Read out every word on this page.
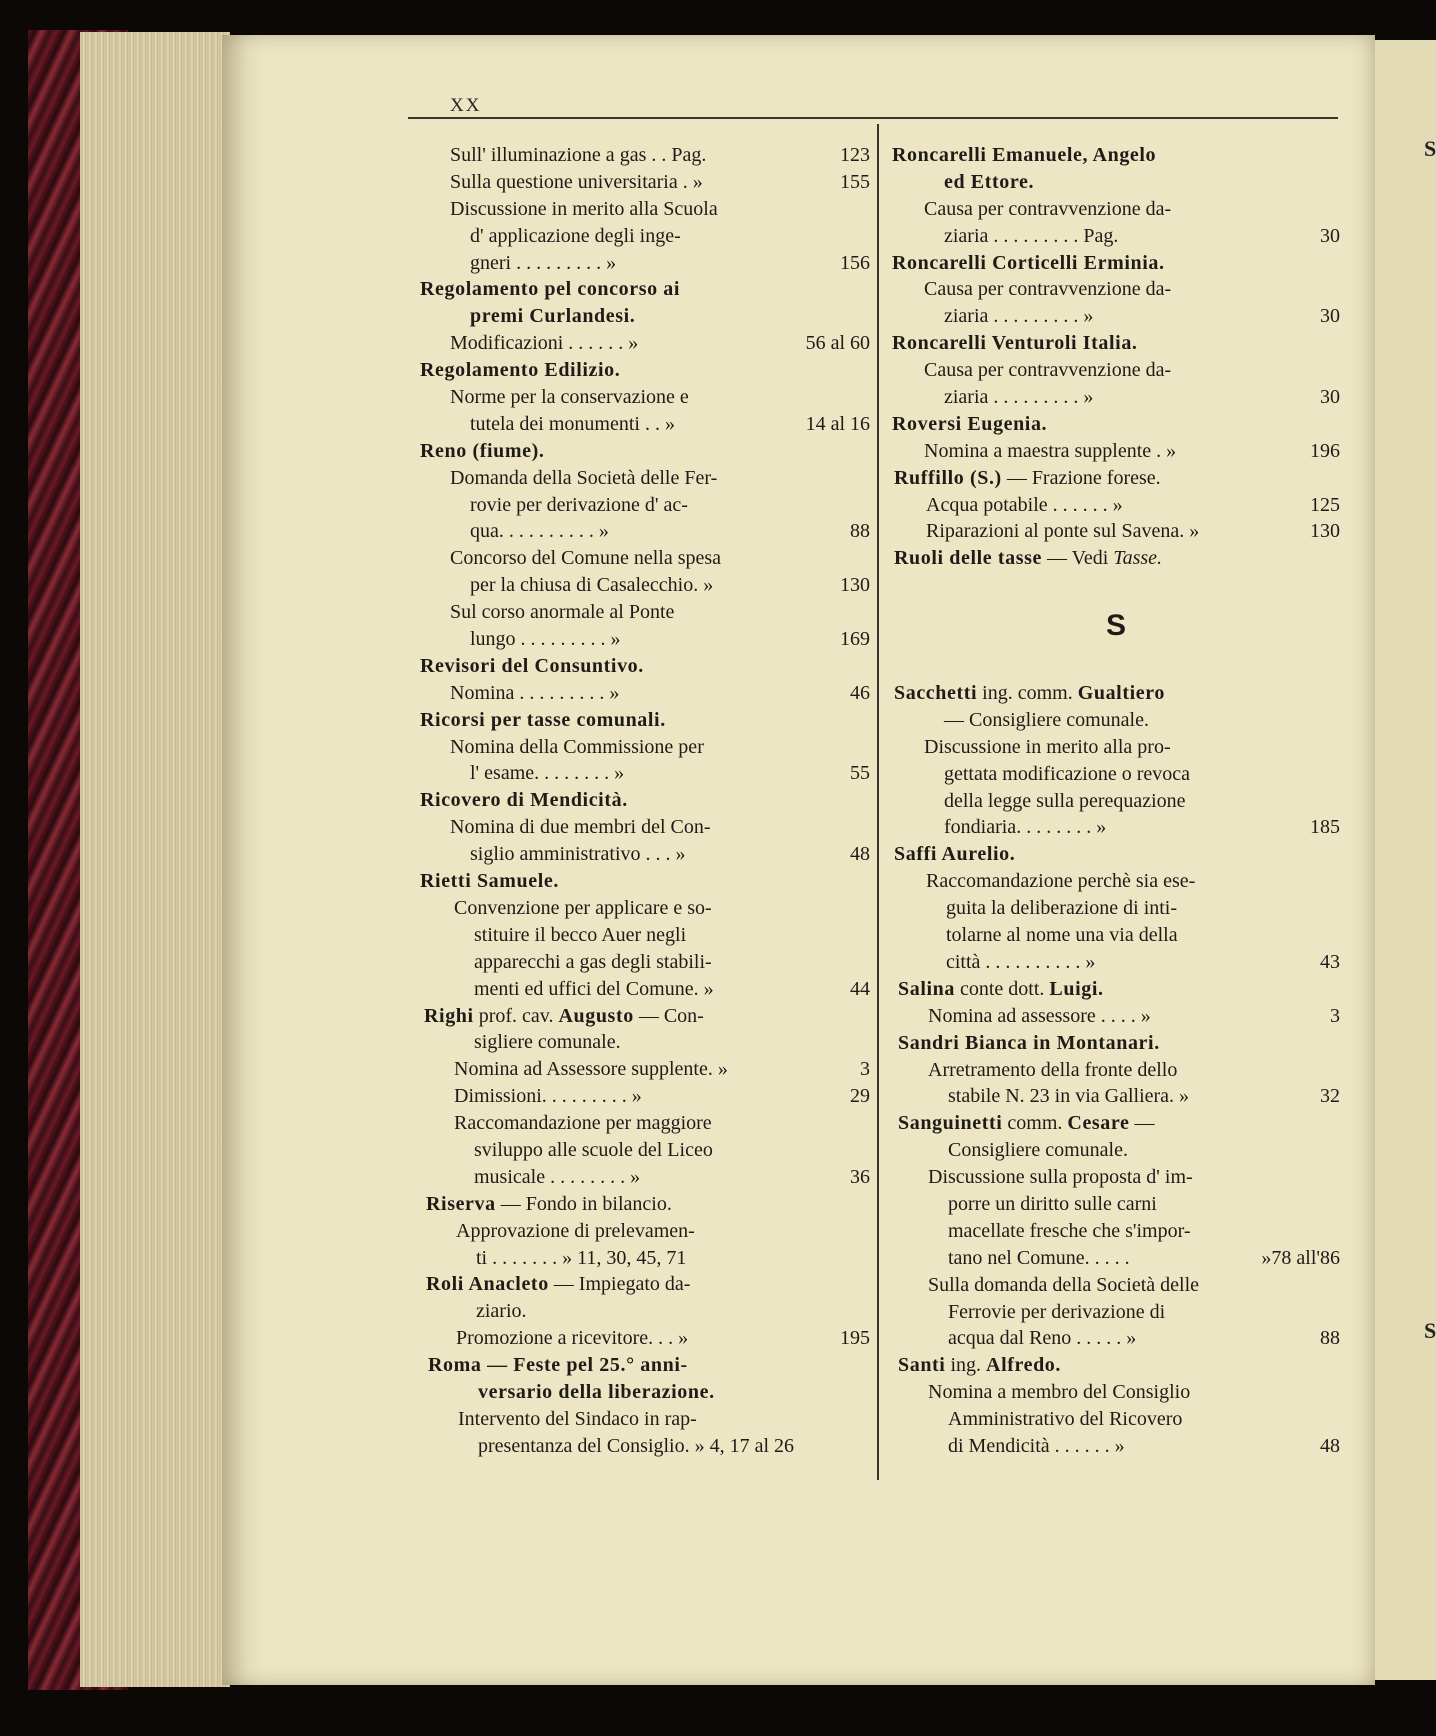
S
S
XX
Sull' illuminazione a gas . . Pag.	123
Sulla questione universitaria . »	155
Discussione in merito alla Scuola
d' applicazione degli inge-
gneri . . . . . . . . . »	156
Regolamento pel concorso ai
premi Curlandesi.
Modificazioni . . . . . . »	56 al 60
Regolamento Edilizio.
Norme per la conservazione e
tutela dei monumenti . . »	14 al 16
Reno (fiume).
Domanda della Società delle Fer-
rovie per derivazione d' ac-
qua. . . . . . . . . . »	88
Concorso del Comune nella spesa
per la chiusa di Casalecchio. »	130
Sul corso anormale al Ponte
lungo . . . . . . . . . »	169
Revisori del Consuntivo.
Nomina . . . . . . . . . »	46
Ricorsi per tasse comunali.
Nomina della Commissione per
l' esame. . . . . . . . »	55
Ricovero di Mendicità.
Nomina di due membri del Con-
siglio amministrativo . . . »	48
Rietti Samuele.
Convenzione per applicare e so-
stituire il becco Auer negli
apparecchi a gas degli stabili-
menti ed uffici del Comune. »	44
Righi prof. cav. Augusto — Con-
sigliere comunale.
Nomina ad Assessore supplente. »	3
Dimissioni. . . . . . . . . »	29
Raccomandazione per maggiore
sviluppo alle scuole del Liceo
musicale . . . . . . . . »	36
Riserva — Fondo in bilancio.
Approvazione di prelevamen-
ti . . . . . . . » 11, 30, 45, 71
Roli Anacleto — Impiegato da-
ziario.
Promozione a ricevitore. . . »	195
Roma — Feste pel 25.° anni-
versario della liberazione.
Intervento del Sindaco in rap-
presentanza del Consiglio. » 4, 17 al 26
Roncarelli Emanuele, Angelo
ed Ettore.
Causa per contravvenzione da-
ziaria . . . . . . . . . Pag.	30
Roncarelli Corticelli Erminia.
Causa per contravvenzione da-
ziaria . . . . . . . . . »	30
Roncarelli Venturoli Italia.
Causa per contravvenzione da-
ziaria . . . . . . . . . »	30
Roversi Eugenia.
Nomina a maestra supplente . »	196
Ruffillo (S.) — Frazione forese.
Acqua potabile . . . . . . »	125
Riparazioni al ponte sul Savena. »	130
Ruoli delle tasse — Vedi Tasse.
S
Sacchetti ing. comm. Gualtiero
— Consigliere comunale.
Discussione in merito alla pro-
gettata modificazione o revoca
della legge sulla perequazione
fondiaria. . . . . . . . »	185
Saffi Aurelio.
Raccomandazione perchè sia ese-
guita la deliberazione di inti-
tolarne al nome una via della
città . . . . . . . . . . »	43
Salina conte dott. Luigi.
Nomina ad assessore . . . . »	3
Sandri Bianca in Montanari.
Arretramento della fronte dello
stabile N. 23 in via Galliera. »	32
Sanguinetti comm. Cesare —
Consigliere comunale.
Discussione sulla proposta d' im-
porre un diritto sulle carni
macellate fresche che s'impor-
tano nel Comune. . . . .	»78 all'86
Sulla domanda della Società delle
Ferrovie per derivazione di
acqua dal Reno . . . . . »	88
Santi ing. Alfredo.
Nomina a membro del Consiglio
Amministrativo del Ricovero
di Mendicità . . . . . . »	48
